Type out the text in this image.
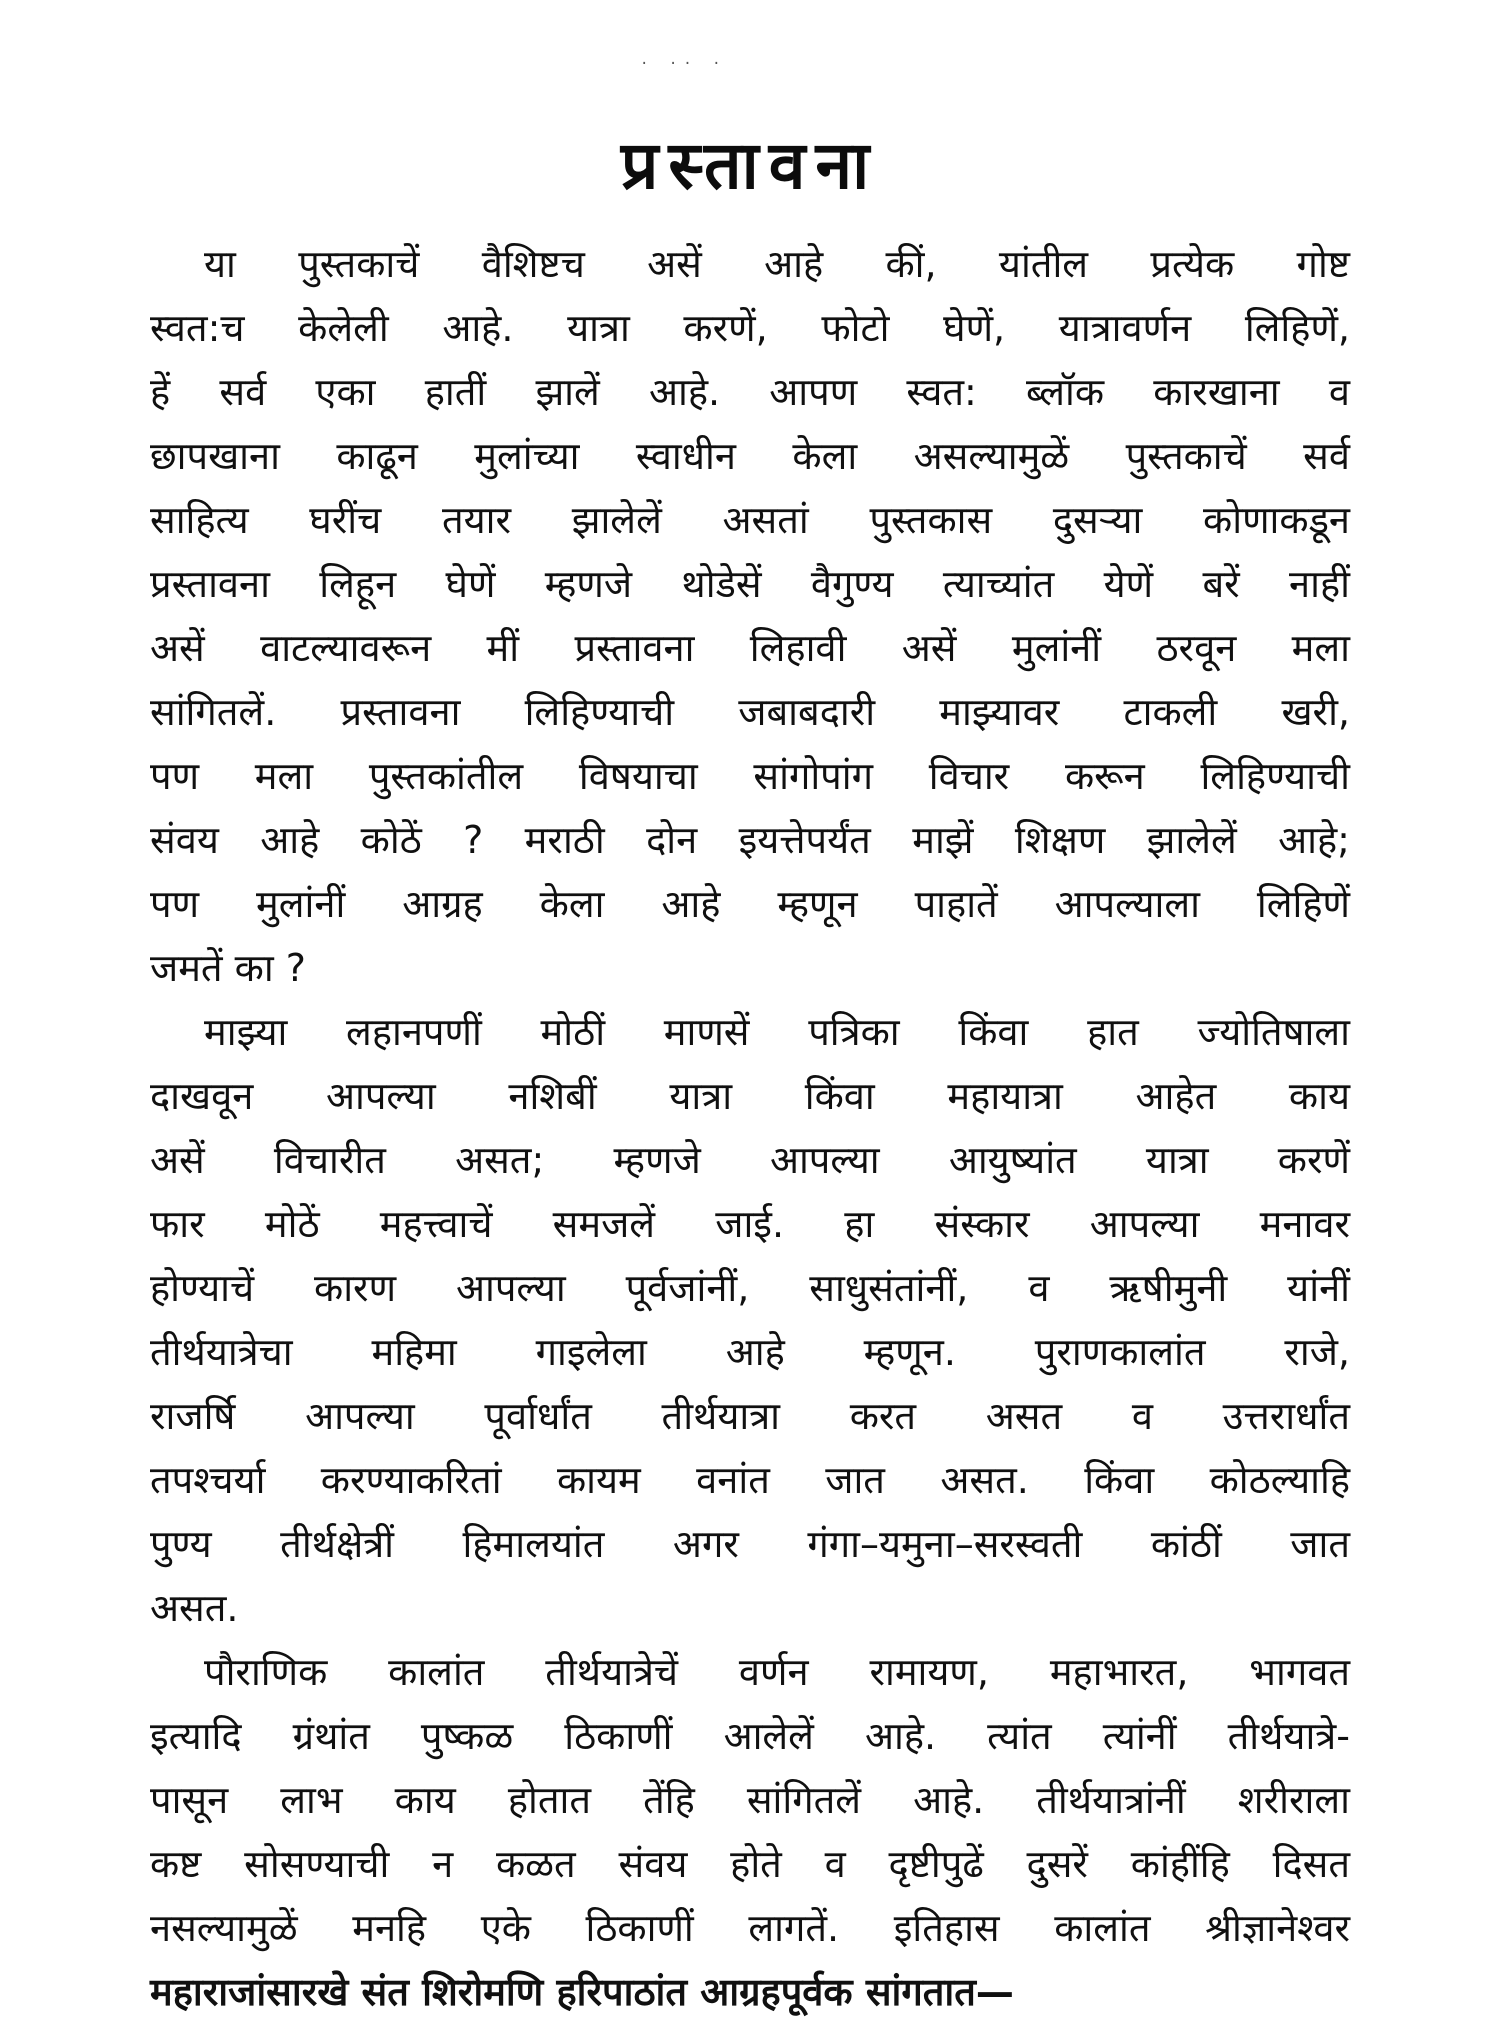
. .. .
प्रस्तावना
या पुस्तकाचें वैशिष्टच असें आहे कीं, यांतील प्रत्येक गोष्ट
स्वत:च केलेली आहे. यात्रा करणें, फोटो घेणें, यात्रावर्णन लिहिणें,
हें सर्व एका हातीं झालें आहे. आपण स्वत: ब्लॉक कारखाना व
छापखाना काढून मुलांच्या स्वाधीन केला असल्यामुळें पुस्तकाचें सर्व
साहित्य घरींच तयार झालेलें असतां पुस्तकास दुसऱ्या कोणाकडून
प्रस्तावना लिहून घेणें म्हणजे थोडेसें वैगुण्य त्याच्यांत येणें बरें नाहीं
असें वाटल्यावरून मीं प्रस्तावना लिहावी असें मुलांनीं ठरवून मला
सांगितलें. प्रस्तावना लिहिण्याची जबाबदारी माझ्यावर टाकली खरी,
पण मला पुस्तकांतील विषयाचा सांगोपांग विचार करून लिहिण्याची
संवय आहे कोठें ? मराठी दोन इयत्तेपर्यंत माझें शिक्षण झालेलें आहे;
पण मुलांनीं आग्रह केला आहे म्हणून पाहातें आपल्याला लिहिणें
जमतें का ?
माझ्या लहानपणीं मोठीं माणसें पत्रिका किंवा हात ज्योतिषाला
दाखवून आपल्या नशिबीं यात्रा किंवा महायात्रा आहेत काय
असें विचारीत असत; म्हणजे आपल्या आयुष्यांत यात्रा करणें
फार मोठें महत्त्वाचें समजलें जाई. हा संस्कार आपल्या मनावर
होण्याचें कारण आपल्या पूर्वजांनीं, साधुसंतांनीं, व ऋषीमुनी यांनीं
तीर्थयात्रेचा महिमा गाइलेला आहे म्हणून. पुराणकालांत राजे,
राजर्षि आपल्या पूर्वार्धांत तीर्थयात्रा करत असत व उत्तरार्धांत
तपश्चर्या करण्याकरितां कायम वनांत जात असत. किंवा कोठल्याहि
पुण्य तीर्थक्षेत्रीं हिमालयांत अगर गंगा–यमुना–सरस्वती कांठीं जात
असत.
पौराणिक कालांत तीर्थयात्रेचें वर्णन रामायण, महाभारत, भागवत
इत्यादि ग्रंथांत पुष्कळ ठिकाणीं आलेलें आहे. त्यांत त्यांनीं तीर्थयात्रे-
पासून लाभ काय होतात तेंहि सांगितलें आहे. तीर्थयात्रांनीं शरीराला
कष्ट सोसण्याची न कळत संवय होते व दृष्टीपुढें दुसरें कांहींहि दिसत
नसल्यामुळें मनहि एके ठिकाणीं लागतें. इतिहास कालांत श्रीज्ञानेश्वर
महाराजांसारखे संत शिरोमणि हरिपाठांत आग्रहपूर्वक सांगतात—
